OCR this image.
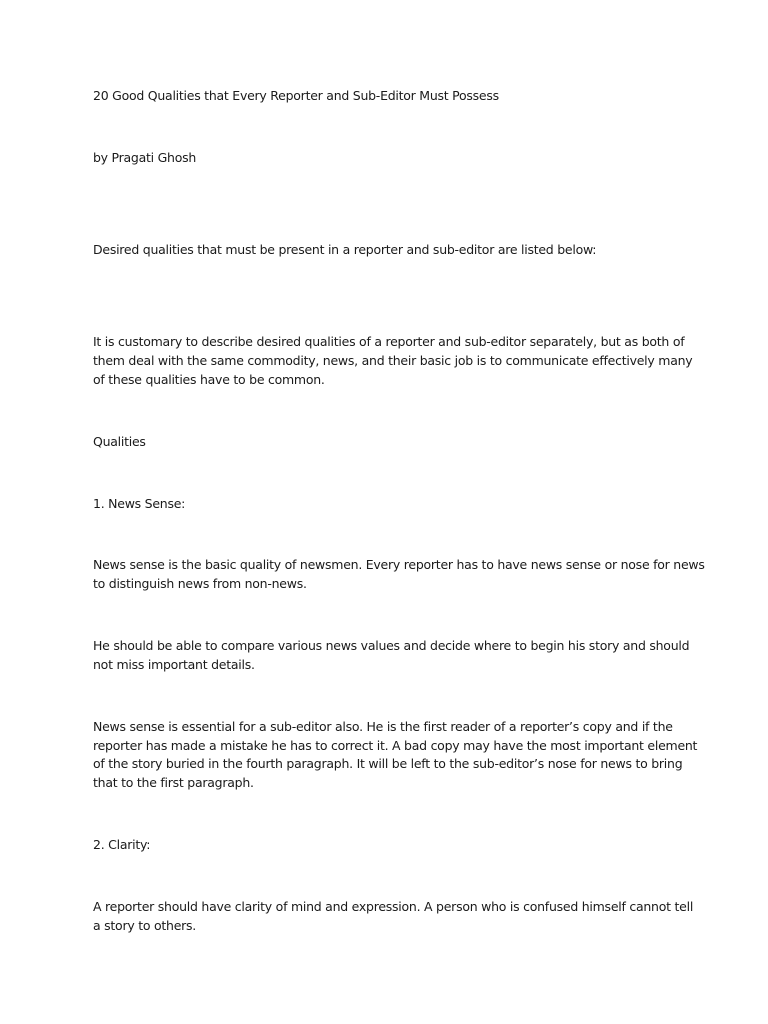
20 Good Qualities that Every Reporter and Sub-Editor Must Possess

by Pragati Ghosh

Desired qualities that must be present in a reporter and sub-editor are listed below:

It is customary to describe desired qualities of a reporter and sub-editor separately, but as both of

them deal with the same commodity, news, and their basic job is to communicate effectively many

of these qualities have to be common.

Qualities

1. News Sense:

News sense is the basic quality of newsmen. Every reporter has to have news sense or nose for news

to distinguish news from non-news.

He should be able to compare various news values and decide where to begin his story and should

not miss important details.

News sense is essential for a sub-editor also. He is the first reader of a reporter’s copy and if the

reporter has made a mistake he has to correct it. A bad copy may have the most important element

of the story buried in the fourth paragraph. It will be left to the sub-editor’s nose for news to bring

that to the first paragraph.

2. Clarity:

A reporter should have clarity of mind and expression. A person who is confused himself cannot tell

a story to others.
